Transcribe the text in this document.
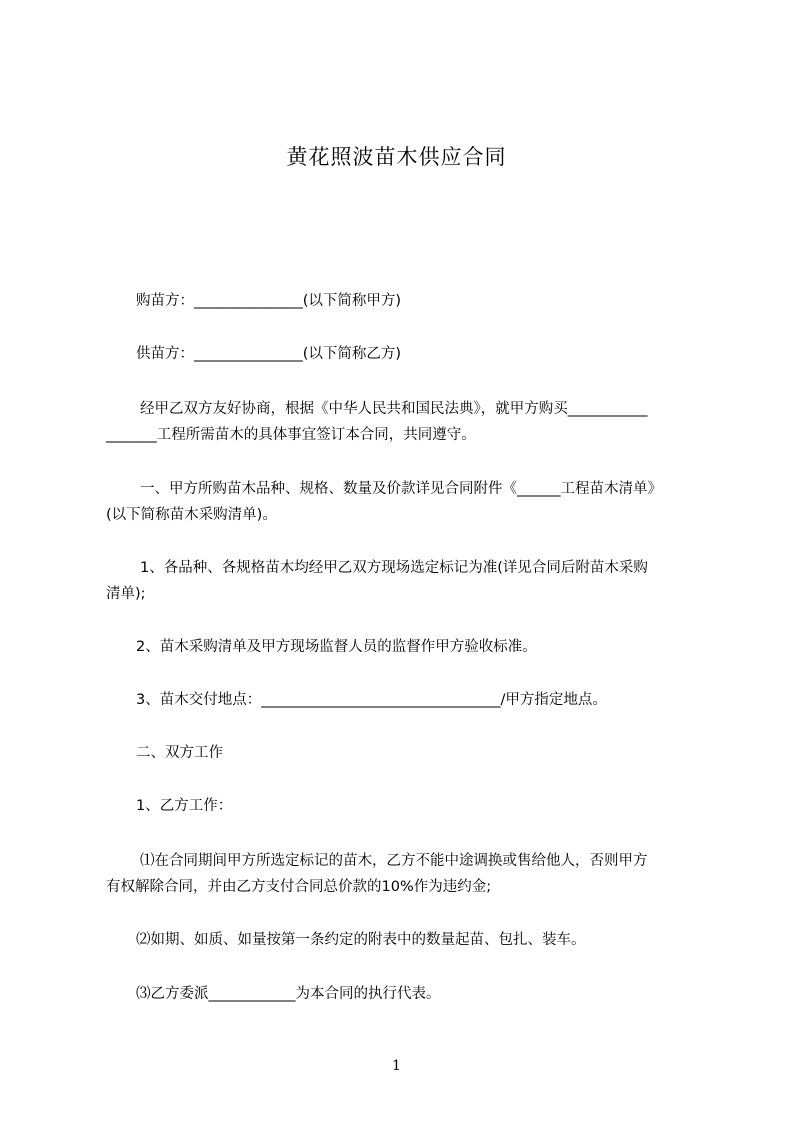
黄花照波苗木供应合同
购苗方：_______________(以下简称甲方)
供苗方：_______________(以下简称乙方)
经甲乙双方友好协商，根据《中华人民共和国民法典》，就甲方购买___________
_______工程所需苗木的具体事宜签订本合同，共同遵守。
一、甲方所购苗木品种、规格、数量及价款详见合同附件《______工程苗木清单》
(以下简称苗木采购清单)。
1、各品种、各规格苗木均经甲乙双方现场选定标记为准(详见合同后附苗木采购
清单);
2、苗木采购清单及甲方现场监督人员的监督作甲方验收标准。
3、苗木交付地点：_________________________________/甲方指定地点。
二、双方工作
1、乙方工作：
⑴在合同期间甲方所选定标记的苗木，乙方不能中途调换或售给他人，否则甲方
有权解除合同，并由乙方支付合同总价款的10%作为违约金;
⑵如期、如质、如量按第一条约定的附表中的数量起苗、包扎、装车。
⑶乙方委派____________为本合同的执行代表。
1
